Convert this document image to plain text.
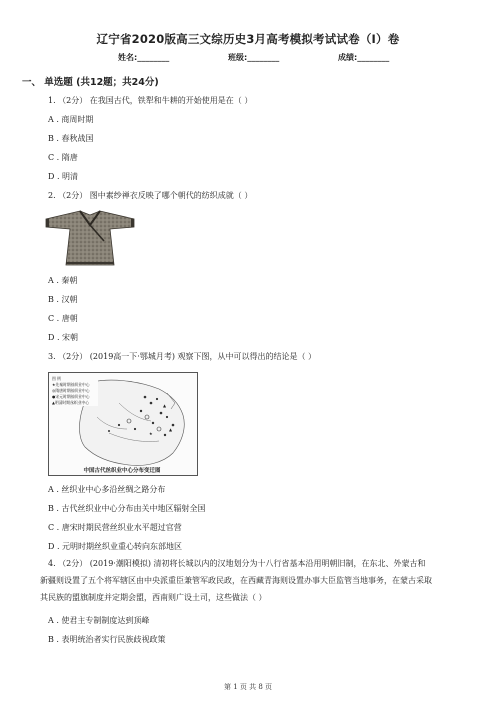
辽宁省2020版高三文综历史3月高考模拟考试试卷（I）卷
姓名:________	班级:________	成绩:________
一、 单选题 (共12题；共24分)
1. （2分） 在我国古代，铁犁和牛耕的开始使用是在（ ）
A . 商周时期
B . 春秋战国
C . 隋唐
D . 明清
2. （2分） 图中素纱禅衣反映了哪个朝代的纺织成就（ ）
A . 秦朝
B . 汉朝
C . 唐朝
D . 宋朝
3. （2分） (2019高一下·鄂城月考) 观察下图，从中可以得出的结论是（ ）
▲
▲
★
图 例
★先秦时期丝织业中心
◎隋唐时期丝织业中心
●宋元时期丝织业中心
▲明清时期丝织业中心
中国古代丝织业中心分布变迁图
A . 丝织业中心多沿丝绸之路分布
B . 古代丝织业中心分布由关中地区辐射全国
C . 唐宋时期民营丝织业水平超过官营
D . 元明时期丝织业重心转向东部地区
4. （2分） (2019·潮阳模拟) 清初将长城以内的汉地划分为十八行省基本沿用明朝旧制，在东北、外蒙古和
新疆则设置了五个将军辖区由中央派重臣兼管军政民政，在西藏青海则设置办事大臣监管当地事务，在蒙古采取
其民族的盟旗制度并定期会盟，西南则广设土司，这些做法（ ）
A . 使君主专制制度达到顶峰
B . 表明统治者实行民族歧视政策
第 1 页 共 8 页
